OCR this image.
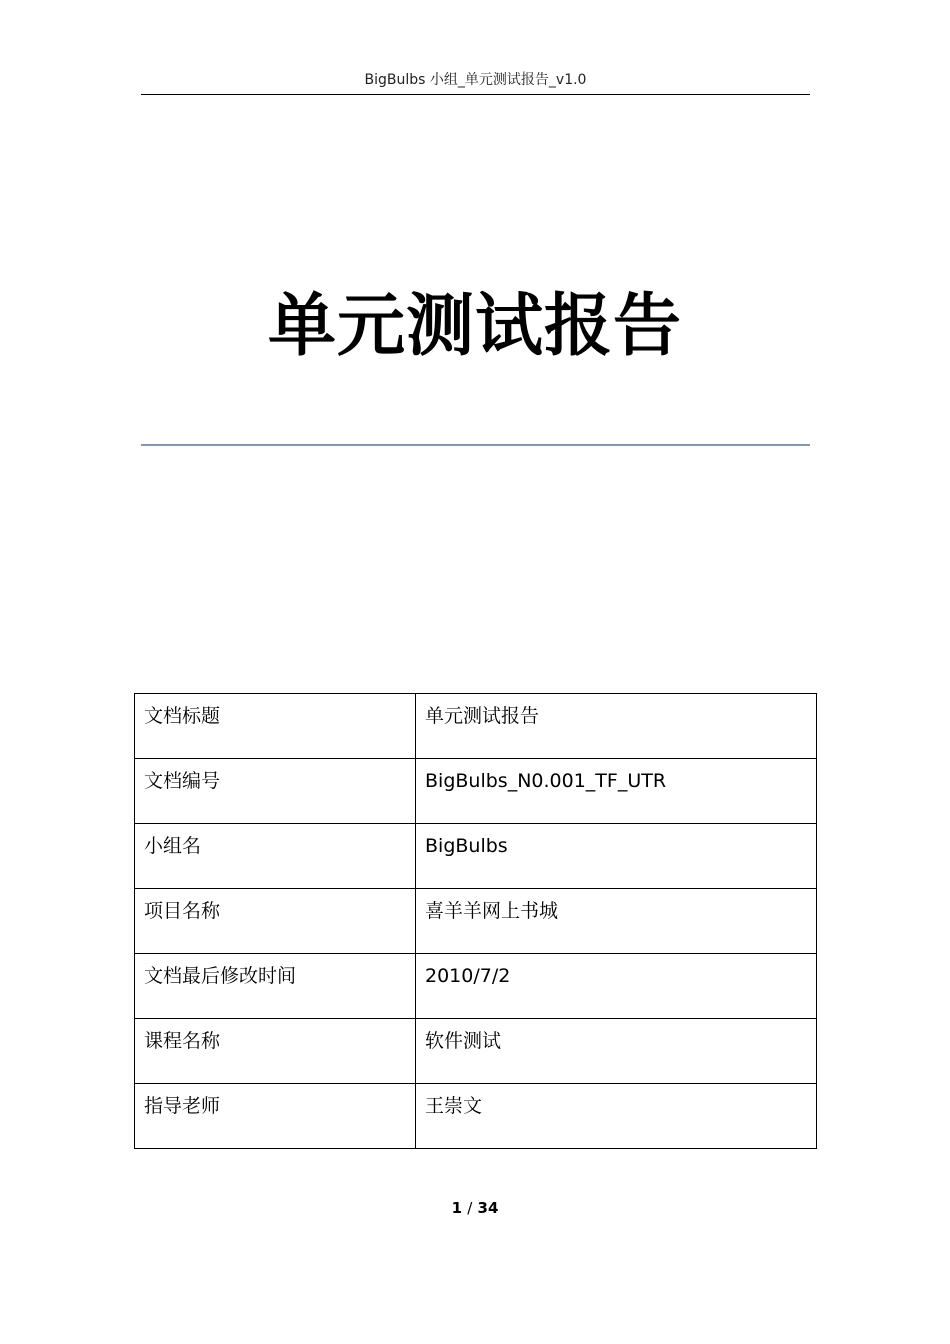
BigBulbs 小组_单元测试报告_v1.0
单元测试报告
文档标题	单元测试报告
文档编号	BigBulbs_N0.001_TF_UTR
小组名	BigBulbs
项目名称	喜羊羊网上书城
文档最后修改时间	2010/7/2
课程名称	软件测试
指导老师	王崇文
1 / 34
